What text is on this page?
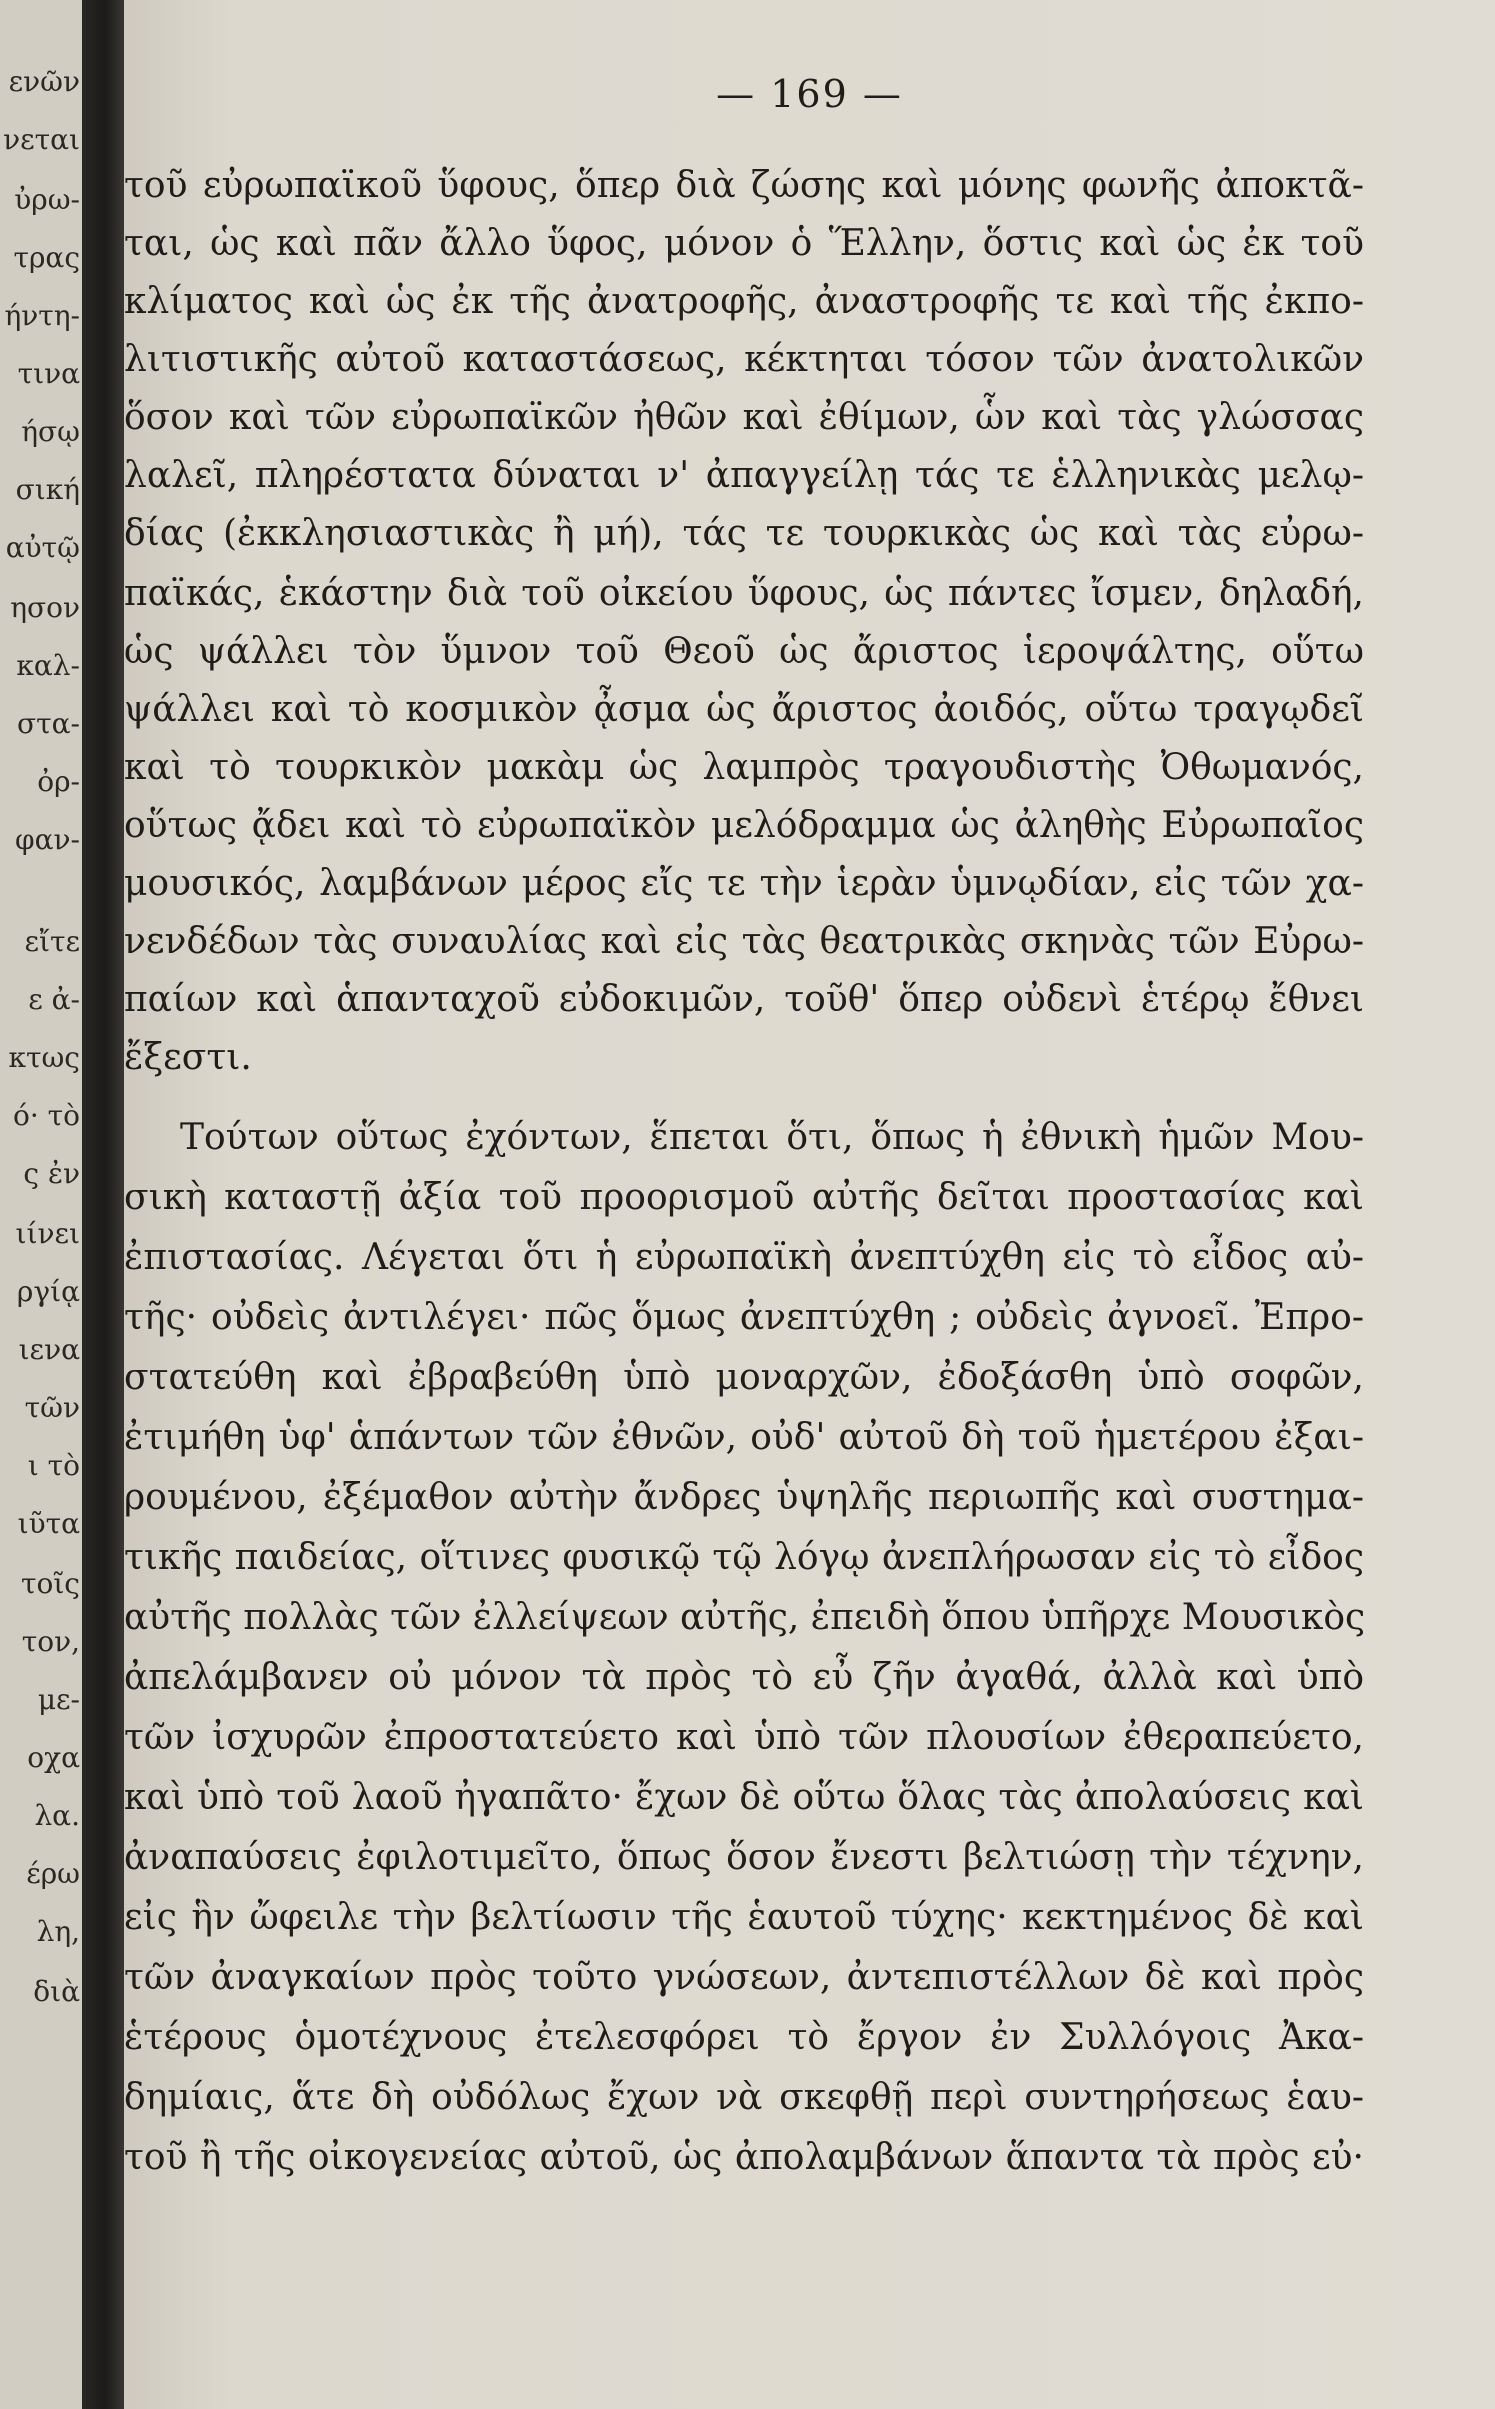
ενῶν
νεται
ὐρω-
τρας
ήντη-
τινα
ήσῳ
σική
αὐτῷ
ησον
καλ-
στα-
ὀρ-
φαν-
εἴτε
ε ἀ-
κτως
ό· τὸ
ς ἐν
ιίνει
ργίᾳ
ιενα
τῶν
ι τὸ
ιῦτα
τοῖς
τον,
με-
οχα
λα.
έρω
λη,
διὰ
— 169 —
τοῦ εὐρωπαϊκοῦ ὕφους, ὅπερ διὰ ζώσης καὶ μόνης φωνῆς ἀποκτᾶ-
ται, ὡς καὶ πᾶν ἄλλο ὕφος, μόνον ὁ Ἕλλην, ὅστις καὶ ὡς ἐκ τοῦ
κλίματος καὶ ὡς ἐκ τῆς ἀνατροφῆς, ἀναστροφῆς τε καὶ τῆς ἐκπο-
λιτιστικῆς αὐτοῦ καταστάσεως, κέκτηται τόσον τῶν ἀνατολικῶν
ὅσον καὶ τῶν εὐρωπαϊκῶν ἠθῶν καὶ ἐθίμων, ὧν καὶ τὰς γλώσσας
λαλεῖ, πληρέστατα δύναται ν' ἀπαγγείλῃ τάς τε ἑλληνικὰς μελῳ-
δίας (ἐκκλησιαστικὰς ἢ μή), τάς τε τουρκικὰς ὡς καὶ τὰς εὐρω-
παϊκάς, ἑκάστην διὰ τοῦ οἰκείου ὕφους, ὡς πάντες ἴσμεν, δηλαδή,
ὡς ψάλλει τὸν ὕμνον τοῦ Θεοῦ ὡς ἄριστος ἱεροψάλτης, οὕτω
ψάλλει καὶ τὸ κοσμικὸν ᾆσμα ὡς ἄριστος ἀοιδός, οὕτω τραγῳδεῖ
καὶ τὸ τουρκικὸν μακὰμ ὡς λαμπρὸς τραγουδιστὴς Ὀθωμανός,
οὕτως ᾄδει καὶ τὸ εὐρωπαϊκὸν μελόδραμμα ὡς ἀληθὴς Εὐρωπαῖος
μουσικός, λαμβάνων μέρος εἴς τε τὴν ἱερὰν ὑμνῳδίαν, εἰς τῶν χα-
νενδέδων τὰς συναυλίας καὶ εἰς τὰς θεατρικὰς σκηνὰς τῶν Εὐρω-
παίων καὶ ἁπανταχοῦ εὐδοκιμῶν, τοῦθ' ὅπερ οὐδενὶ ἑτέρῳ ἔθνει
ἔξεστι.
Τούτων οὕτως ἐχόντων, ἕπεται ὅτι, ὅπως ἡ ἐθνικὴ ἡμῶν Μου-
σικὴ καταστῇ ἀξία τοῦ προορισμοῦ αὐτῆς δεῖται προστασίας καὶ
ἐπιστασίας. Λέγεται ὅτι ἡ εὐρωπαϊκὴ ἀνεπτύχθη εἰς τὸ εἶδος αὐ-
τῆς· οὐδεὶς ἀντιλέγει· πῶς ὅμως ἀνεπτύχθη ; οὐδεὶς ἀγνοεῖ. Ἐπρο-
στατεύθη καὶ ἐβραβεύθη ὑπὸ μοναρχῶν, ἐδοξάσθη ὑπὸ σοφῶν,
ἐτιμήθη ὑφ' ἁπάντων τῶν ἐθνῶν, οὐδ' αὐτοῦ δὴ τοῦ ἡμετέρου ἐξαι-
ρουμένου, ἐξέμαθον αὐτὴν ἄνδρες ὑψηλῆς περιωπῆς καὶ συστημα-
τικῆς παιδείας, οἵτινες φυσικῷ τῷ λόγῳ ἀνεπλήρωσαν εἰς τὸ εἶδος
αὐτῆς πολλὰς τῶν ἐλλείψεων αὐτῆς, ἐπειδὴ ὅπου ὑπῆρχε Μουσικὸς
ἀπελάμβανεν οὐ μόνον τὰ πρὸς τὸ εὖ ζῆν ἀγαθά, ἀλλὰ καὶ ὑπὸ
τῶν ἰσχυρῶν ἐπροστατεύετο καὶ ὑπὸ τῶν πλουσίων ἐθεραπεύετο,
καὶ ὑπὸ τοῦ λαοῦ ἠγαπᾶτο· ἔχων δὲ οὕτω ὅλας τὰς ἀπολαύσεις καὶ
ἀναπαύσεις ἐφιλοτιμεῖτο, ὅπως ὅσον ἔνεστι βελτιώσῃ τὴν τέχνην,
εἰς ἣν ὤφειλε τὴν βελτίωσιν τῆς ἑαυτοῦ τύχης· κεκτημένος δὲ καὶ
τῶν ἀναγκαίων πρὸς τοῦτο γνώσεων, ἀντεπιστέλλων δὲ καὶ πρὸς
ἑτέρους ὁμοτέχνους ἐτελεσφόρει τὸ ἔργον ἐν Συλλόγοις Ἀκα-
δημίαις, ἅτε δὴ οὐδόλως ἔχων νὰ σκεφθῇ περὶ συντηρήσεως ἑαυ-
τοῦ ἢ τῆς οἰκογενείας αὐτοῦ, ὡς ἀπολαμβάνων ἅπαντα τὰ πρὸς εὐ·
